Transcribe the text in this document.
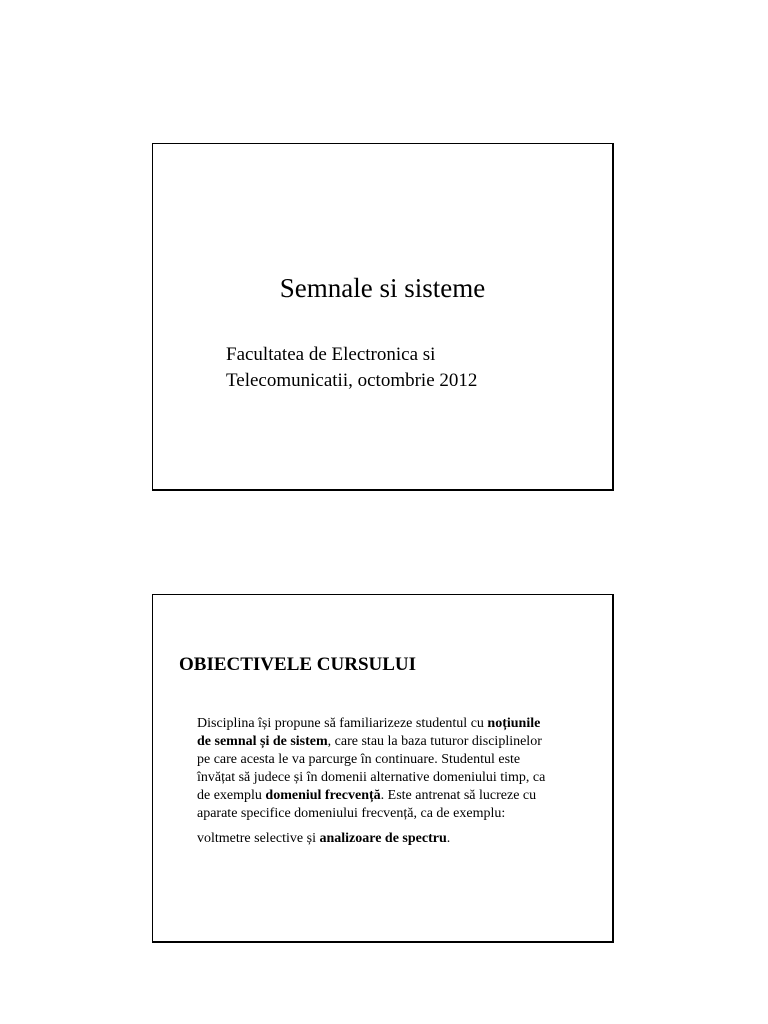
Semnale si sisteme
Facultatea de Electronica si
Telecomunicatii, octombrie 2012
OBIECTIVELE CURSULUI
Disciplina își propune să familiarizeze studentul cu noțiunile
de semnal și de sistem, care stau la baza tuturor disciplinelor
pe care acesta le va parcurge în continuare. Studentul este
învățat să judece și în domenii alternative domeniului timp, ca
de exemplu domeniul frecvență. Este antrenat să lucreze cu
aparate specifice domeniului frecvență, ca de exemplu:
voltmetre selective și analizoare de spectru.
